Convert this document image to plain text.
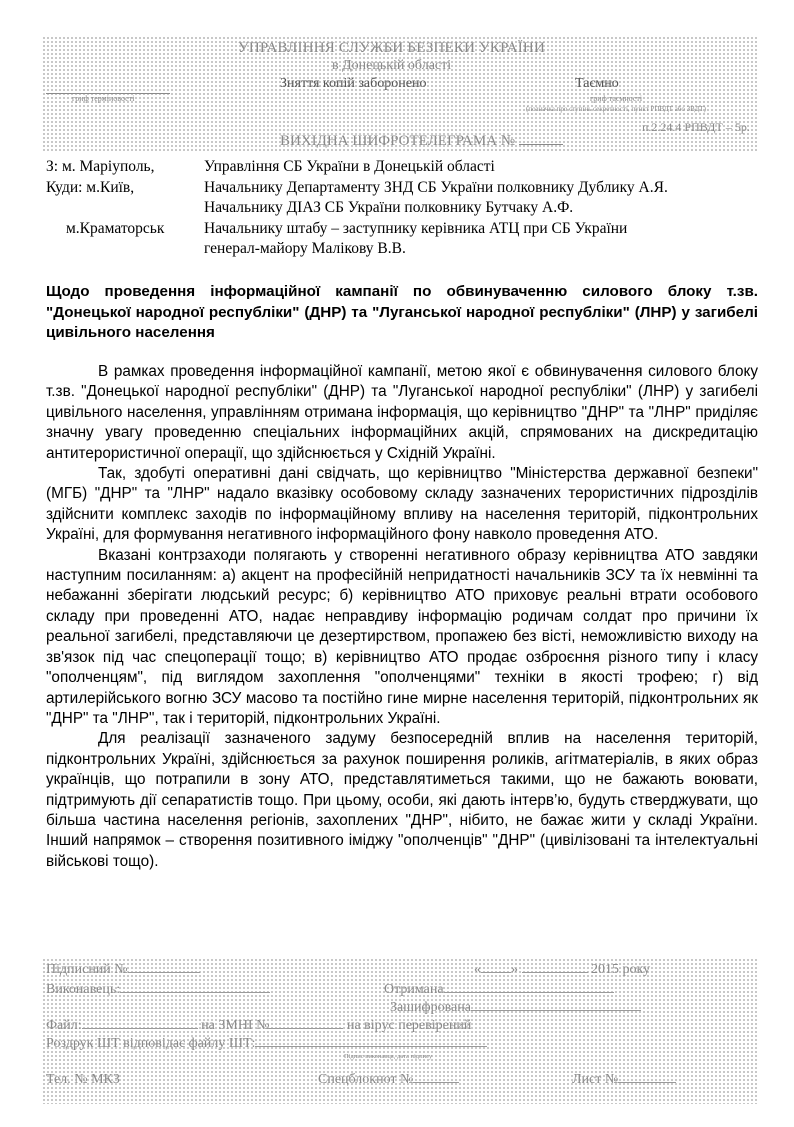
УПРАВЛІННЯ СЛУЖБИ БЕЗПЕКИ УКРАЇНИ
в Донецькій області
Зняття копій заборонено	Таємно
гриф терміновості	гриф таємності
(позначка про ступінь секретності, пункт РПВДТ або ЗВДТ)
п.2.24.4 РПВДТ – 5р.
ВИХІДНА ШИФРОТЕЛЕГРАМА №
З: м. Маріуполь,	Управління СБ України в Донецькій області
Куди: м.Київ,	Начальнику Департаменту ЗНД СБ України полковнику Дублику А.Я.
Начальнику ДІАЗ СБ України полковнику Бутчаку А.Ф.
м.Краматорськ	Начальнику штабу – заступнику керівника АТЦ при СБ України
генерал-майору Малікову В.В.
Щодо проведення інформаційної кампанії по обвинуваченню силового блоку т.зв. "Донецької народної республіки" (ДНР) та "Луганської народної республіки" (ЛНР) у загибелі цивільного населення

В рамках проведення інформаційної кампанії, метою якої є обвинувачення силового блоку т.зв. "Донецької народної республіки" (ДНР) та "Луганської народної республіки" (ЛНР) у загибелі цивільного населення, управлінням отримана інформація, що керівництво "ДНР" та "ЛНР" приділяє значну увагу проведенню спеціальних інформаційних акцій, спрямованих на дискредитацію антитерористичної операції, що здійснюється у Східній Україні.

Так, здобуті оперативні дані свідчать, що керівництво "Міністерства державної безпеки" (МГБ) "ДНР" та "ЛНР" надало вказівку особовому складу зазначених терористичних підрозділів здійснити комплекс заходів по інформаційному впливу на населення територій, підконтрольних Україні, для формування негативного інформаційного фону навколо проведення АТО.

Вказані контрзаходи полягають у створенні негативного образу керівництва АТО завдяки наступним посиланням: а) акцент на професійній непридатності начальників ЗСУ та їх невмінні та небажанні зберігати людський ресурс; б) керівництво АТО приховує реальні втрати особового складу при проведенні АТО, надає неправдиву інформацію родичам солдат про причини їх реальної загибелі, представляючи це дезертирством, пропажею без вісті, неможливістю виходу на зв'язок під час спецоперації тощо; в) керівництво АТО продає озброєння різного типу і класу "ополченцям", під виглядом захоплення "ополченцями" техніки в якості трофею; г) від артилерійського вогню ЗСУ масово та постійно гине мирне населення територій, підконтрольних як "ДНР" та "ЛНР", так і територій, підконтрольних Україні.

Для реалізації зазначеного задуму безпосередній вплив на населення територій, підконтрольних Україні, здійснюється за рахунок поширення роликів, агітматеріалів, в яких образ українців, що потрапили в зону АТО, представлятиметься такими, що не бажають воювати, підтримують дії сепаратистів тощо. При цьому, особи, які дають інтерв’ю, будуть стверджувати, що більша частина населення регіонів, захоплених "ДНР", нібито, не бажає жити у складі України. Інший напрямок – створення позитивного іміджу "ополченців" "ДНР" (цивілізовані та інтелектуальні військові тощо).

Підписний №	« »	2015 року
Виконавець:	Отримана
Зашифрована
Файл:	на ЗМНІ №	на вірус перевірений
Роздрук ШТ відповідає файлу ШТ:
Підпис виконавця, дата підпису
Тел. № МКЗ	Спецблокнот №	Лист №
